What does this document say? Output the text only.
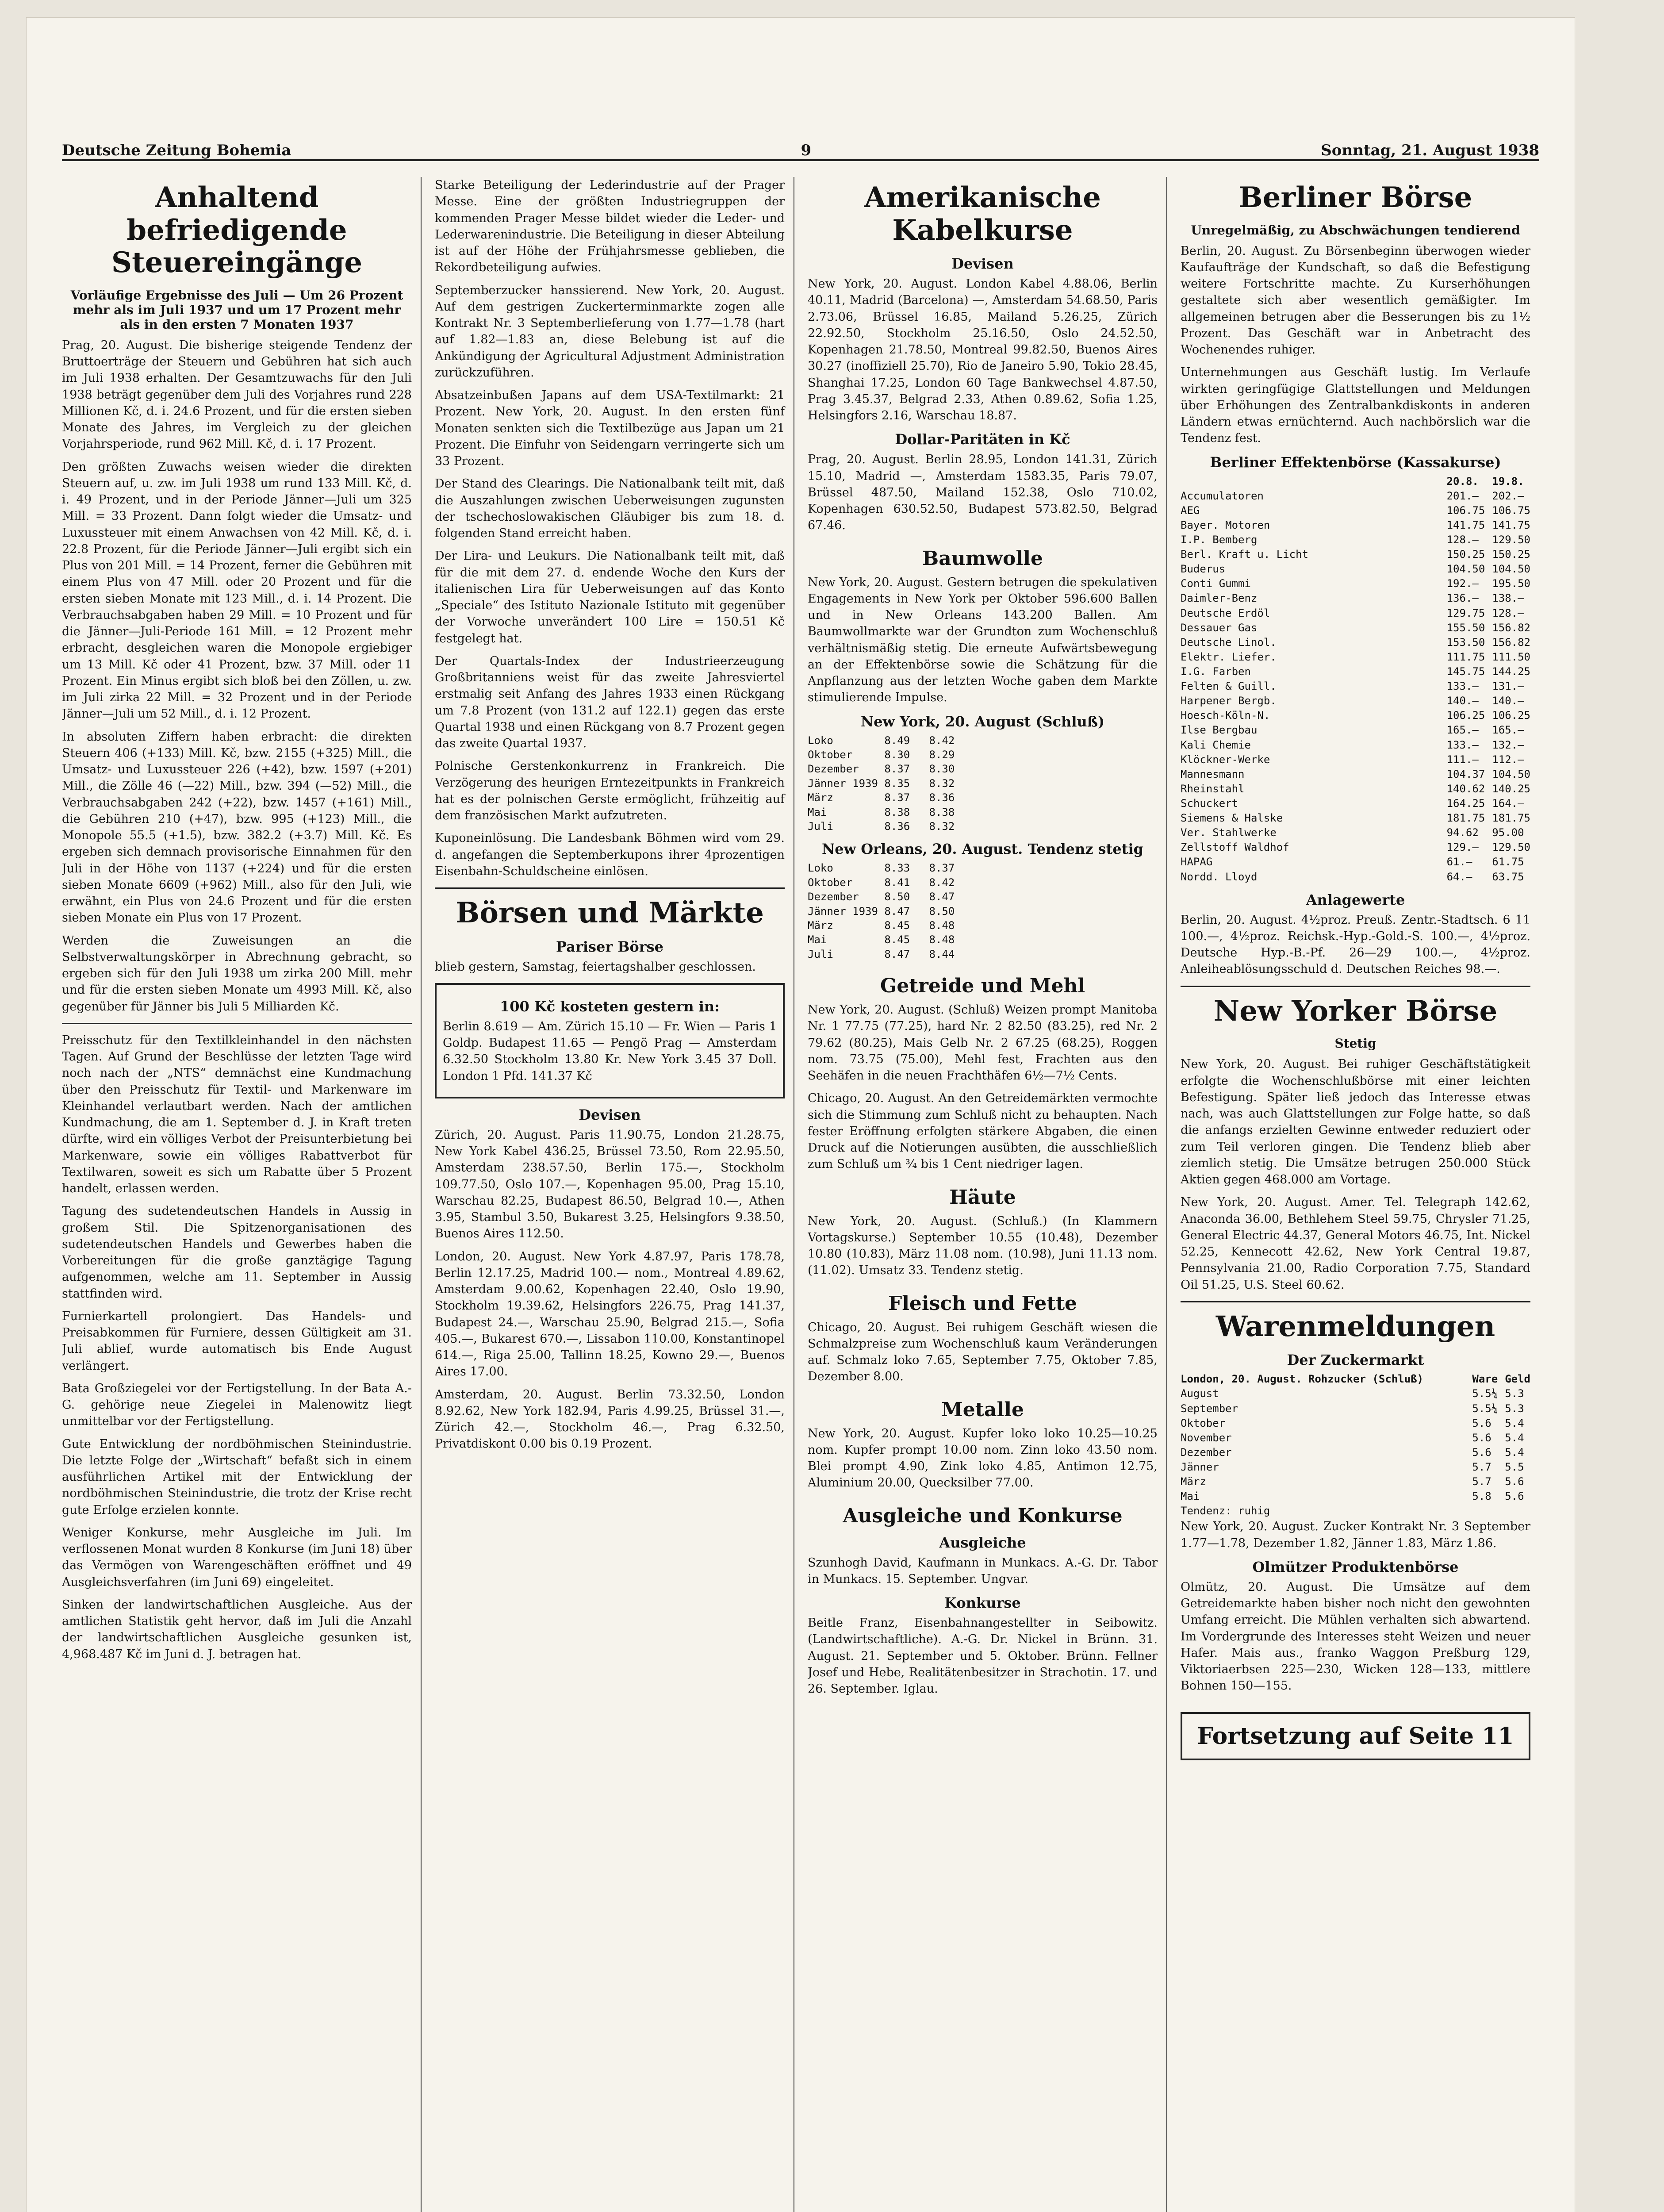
Deutsche Zeitung Bohemia	9	Sonntag, 21. August 1938
Anhaltend befriedigende Steuereingänge
Vorläufige Ergebnisse des Juli — Um 26 Prozent mehr als im Juli 1937 und um 17 Prozent mehr als in den ersten 7 Monaten 1937

Prag, 20. August. Die bisherige steigende Tendenz der Bruttoerträge der Steuern und Gebühren hat sich auch im Juli 1938 erhalten. Der Gesamtzuwachs für den Juli 1938 beträgt gegenüber dem Juli des Vorjahres rund 228 Millionen Kč, d. i. 24.6 Prozent, und für die ersten sieben Monate des Jahres, im Vergleich zu der gleichen Vorjahrsperiode, rund 962 Mill. Kč, d. i. 17 Prozent.

Den größten Zuwachs weisen wieder die direkten Steuern auf, u. zw. im Juli 1938 um rund 133 Mill. Kč, d. i. 49 Prozent, und in der Periode Jänner—Juli um 325 Mill. = 33 Prozent. Dann folgt wieder die Umsatz- und Luxussteuer mit einem Anwachsen von 42 Mill. Kč, d. i. 22.8 Prozent, für die Periode Jänner—Juli ergibt sich ein Plus von 201 Mill. = 14 Prozent, ferner die Gebühren mit einem Plus von 47 Mill. oder 20 Prozent und für die ersten sieben Monate mit 123 Mill., d. i. 14 Prozent. Die Verbrauchsabgaben haben 29 Mill. = 10 Prozent und für die Jänner—Juli-Periode 161 Mill. = 12 Prozent mehr erbracht, desgleichen waren die Monopole ergiebiger um 13 Mill. Kč oder 41 Prozent, bzw. 37 Mill. oder 11 Prozent. Ein Minus ergibt sich bloß bei den Zöllen, u. zw. im Juli zirka 22 Mill. = 32 Prozent und in der Periode Jänner—Juli um 52 Mill., d. i. 12 Prozent.

In absoluten Ziffern haben erbracht: die direkten Steuern 406 (+133) Mill. Kč, bzw. 2155 (+325) Mill., die Umsatz- und Luxussteuer 226 (+42), bzw. 1597 (+201) Mill., die Zölle 46 (—22) Mill., bzw. 394 (—52) Mill., die Verbrauchsabgaben 242 (+22), bzw. 1457 (+161) Mill., die Gebühren 210 (+47), bzw. 995 (+123) Mill., die Monopole 55.5 (+1.5), bzw. 382.2 (+3.7) Mill. Kč. Es ergeben sich demnach provisorische Einnahmen für den Juli in der Höhe von 1137 (+224) und für die ersten sieben Monate 6609 (+962) Mill., also für den Juli, wie erwähnt, ein Plus von 24.6 Prozent und für die ersten sieben Monate ein Plus von 17 Prozent.

Werden die Zuweisungen an die Selbstverwaltungskörper in Abrechnung gebracht, so ergeben sich für den Juli 1938 um zirka 200 Mill. mehr und für die ersten sieben Monate um 4993 Mill. Kč, also gegenüber für Jänner bis Juli 5 Milliarden Kč.

Preisschutz für den Textilkleinhandel in den nächsten Tagen. Auf Grund der Beschlüsse der letzten Tage wird noch nach der „NTS“ demnächst eine Kundmachung über den Preisschutz für Textil- und Markenware im Kleinhandel verlautbart werden. Nach der amtlichen Kundmachung, die am 1. September d. J. in Kraft treten dürfte, wird ein völliges Verbot der Preisunterbietung bei Markenware, sowie ein völliges Rabattverbot für Textilwaren, soweit es sich um Rabatte über 5 Prozent handelt, erlassen werden.

Tagung des sudetendeutschen Handels in Aussig in großem Stil. Die Spitzenorganisationen des sudetendeutschen Handels und Gewerbes haben die Vorbereitungen für die große ganztägige Tagung aufgenommen, welche am 11. September in Aussig stattfinden wird.

Furnierkartell prolongiert. Das Handels- und Preisabkommen für Furniere, dessen Gültigkeit am 31. Juli ablief, wurde automatisch bis Ende August verlängert.

Bata Großziegelei vor der Fertigstellung. In der Bata A.-G. gehörige neue Ziegelei in Malenowitz liegt unmittelbar vor der Fertigstellung.

Gute Entwicklung der nordböhmischen Steinindustrie. Die letzte Folge der „Wirtschaft“ befaßt sich in einem ausführlichen Artikel mit der Entwicklung der nordböhmischen Steinindustrie, die trotz der Krise recht gute Erfolge erzielen konnte.

Weniger Konkurse, mehr Ausgleiche im Juli. Im verflossenen Monat wurden 8 Konkurse (im Juni 18) über das Vermögen von Warengeschäften eröffnet und 49 Ausgleichsverfahren (im Juni 69) eingeleitet.

Sinken der landwirtschaftlichen Ausgleiche. Aus der amtlichen Statistik geht hervor, daß im Juli die Anzahl der landwirtschaftlichen Ausgleiche gesunken ist, 4,968.487 Kč im Juni d. J. betragen hat.

Starke Beteiligung der Lederindustrie auf der Prager Messe. Eine der größten Industriegruppen der kommenden Prager Messe bildet wieder die Leder- und Lederwarenindustrie. Die Beteiligung in dieser Abteilung ist auf der Höhe der Frühjahrsmesse geblieben, die Rekordbeteiligung aufwies.

Septemberzucker hanssierend. New York, 20. August. Auf dem gestrigen Zuckerterminmarkte zogen alle Kontrakt Nr. 3 Septemberlieferung von 1.77—1.78 (hart auf 1.82—1.83 an, diese Belebung ist auf die Ankündigung der Agricultural Adjustment Administration zurückzuführen.

Absatzeinbußen Japans auf dem USA-Textilmarkt: 21 Prozent. New York, 20. August. In den ersten fünf Monaten senkten sich die Textilbezüge aus Japan um 21 Prozent. Die Einfuhr von Seidengarn verringerte sich um 33 Prozent.

Der Stand des Clearings. Die Nationalbank teilt mit, daß die Auszahlungen zwischen Ueberweisungen zugunsten der tschechoslowakischen Gläubiger bis zum 18. d. folgenden Stand erreicht haben.

Der Lira- und Leukurs. Die Nationalbank teilt mit, daß für die mit dem 27. d. endende Woche den Kurs der italienischen Lira für Ueberweisungen auf das Konto „Speciale“ des Istituto Nazionale Istituto mit gegenüber der Vorwoche unverändert 100 Lire = 150.51 Kč festgelegt hat.

Der Quartals-Index der Industrieerzeugung Großbritanniens weist für das zweite Jahresviertel erstmalig seit Anfang des Jahres 1933 einen Rückgang um 7.8 Prozent (von 131.2 auf 122.1) gegen das erste Quartal 1938 und einen Rückgang von 8.7 Prozent gegen das zweite Quartal 1937.

Polnische Gerstenkonkurrenz in Frankreich. Die Verzögerung des heurigen Erntezeitpunkts in Frankreich hat es der polnischen Gerste ermöglicht, frühzeitig auf dem französischen Markt aufzutreten.

Kuponeinlösung. Die Landesbank Böhmen wird vom 29. d. angefangen die Septemberkupons ihrer 4prozentigen Eisenbahn-Schuldscheine einlösen.

Börsen und Märkte
Pariser Börse

blieb gestern, Samstag, feiertagshalber geschlossen.

100 Kč kosteten gestern in:

Berlin 8.619 — Am. Zürich 15.10 — Fr. Wien — Paris 1 Goldp. Budapest 11.65 — Pengö Prag — Amsterdam 6.32.50 Stockholm 13.80 Kr. New York 3.45 37 Doll. London 1 Pfd. 141.37 Kč

Devisen

Zürich, 20. August. Paris 11.90.75, London 21.28.75, New York Kabel 436.25, Brüssel 73.50, Rom 22.95.50, Amsterdam 238.57.50, Berlin 175.—, Stockholm 109.77.50, Oslo 107.—, Kopenhagen 95.00, Prag 15.10, Warschau 82.25, Budapest 86.50, Belgrad 10.—, Athen 3.95, Stambul 3.50, Bukarest 3.25, Helsingfors 9.38.50, Buenos Aires 112.50.

London, 20. August. New York 4.87.97, Paris 178.78, Berlin 12.17.25, Madrid 100.— nom., Montreal 4.89.62, Amsterdam 9.00.62, Kopenhagen 22.40, Oslo 19.90, Stockholm 19.39.62, Helsingfors 226.75, Prag 141.37, Budapest 24.—, Warschau 25.90, Belgrad 215.—, Sofia 405.—, Bukarest 670.—, Lissabon 110.00, Konstantinopel 614.—, Riga 25.00, Tallinn 18.25, Kowno 29.—, Buenos Aires 17.00.

Amsterdam, 20. August. Berlin 73.32.50, London 8.92.62, New York 182.94, Paris 4.99.25, Brüssel 31.—, Zürich 42.—, Stockholm 46.—, Prag 6.32.50, Privatdiskont 0.00 bis 0.19 Prozent.

Amerikanische Kabelkurse
Devisen

New York, 20. August. London Kabel 4.88.06, Berlin 40.11, Madrid (Barcelona) —, Amsterdam 54.68.50, Paris 2.73.06, Brüssel 16.85, Mailand 5.26.25, Zürich 22.92.50, Stockholm 25.16.50, Oslo 24.52.50, Kopenhagen 21.78.50, Montreal 99.82.50, Buenos Aires 30.27 (inoffiziell 25.70), Rio de Janeiro 5.90, Tokio 28.45, Shanghai 17.25, London 60 Tage Bankwechsel 4.87.50, Prag 3.45.37, Belgrad 2.33, Athen 0.89.62, Sofia 1.25, Helsingfors 2.16, Warschau 18.87.

Dollar-Paritäten in Kč

Prag, 20. August. Berlin 28.95, London 141.31, Zürich 15.10, Madrid —, Amsterdam 1583.35, Paris 79.07, Brüssel 487.50, Mailand 152.38, Oslo 710.02, Kopenhagen 630.52.50, Budapest 573.82.50, Belgrad 67.46.

Baumwolle

New York, 20. August. Gestern betrugen die spekulativen Engagements in New York per Oktober 596.600 Ballen und in New Orleans 143.200 Ballen. Am Baumwollmarkte war der Grundton zum Wochenschluß verhältnismäßig stetig. Die erneute Aufwärtsbewegung an der Effektenbörse sowie die Schätzung für die Anpflanzung aus der letzten Woche gaben dem Markte stimulierende Impulse.

New York, 20. August (Schluß)
Loko        8.49   8.42
Oktober     8.30   8.29
Dezember    8.37   8.30
Jänner 1939 8.35   8.32
März        8.37   8.36
Mai         8.38   8.38
Juli        8.36   8.32
New Orleans, 20. August. Tendenz stetig
Loko        8.33   8.37
Oktober     8.41   8.42
Dezember    8.50   8.47
Jänner 1939 8.47   8.50
März        8.45   8.48
Mai         8.45   8.48
Juli        8.47   8.44
Getreide und Mehl

New York, 20. August. (Schluß) Weizen prompt Manitoba Nr. 1 77.75 (77.25), hard Nr. 2 82.50 (83.25), red Nr. 2 79.62 (80.25), Mais Gelb Nr. 2 67.25 (68.25), Roggen nom. 73.75 (75.00), Mehl fest, Frachten aus den Seehäfen in die neuen Frachthäfen 6½—7½ Cents.

Chicago, 20. August. An den Getreidemärkten vermochte sich die Stimmung zum Schluß nicht zu behaupten. Nach fester Eröffnung erfolgten stärkere Abgaben, die einen Druck auf die Notierungen ausübten, die ausschließlich zum Schluß um ¾ bis 1 Cent niedriger lagen.

Häute

New York, 20. August. (Schluß.) (In Klammern Vortagskurse.) September 10.55 (10.48), Dezember 10.80 (10.83), März 11.08 nom. (10.98), Juni 11.13 nom. (11.02). Umsatz 33. Tendenz stetig.

Fleisch und Fette

Chicago, 20. August. Bei ruhigem Geschäft wiesen die Schmalzpreise zum Wochenschluß kaum Veränderungen auf. Schmalz loko 7.65, September 7.75, Oktober 7.85, Dezember 8.00.

Metalle

New York, 20. August. Kupfer loko loko 10.25—10.25 nom. Kupfer prompt 10.00 nom. Zinn loko 43.50 nom. Blei prompt 4.90, Zink loko 4.85, Antimon 12.75, Aluminium 20.00, Quecksilber 77.00.

Ausgleiche und Konkurse
Ausgleiche

Szunhogh David, Kaufmann in Munkacs. A.-G. Dr. Tabor in Munkacs. 15. September. Ungvar.

Konkurse

Beitle Franz, Eisenbahnangestellter in Seibowitz. (Landwirtschaftliche). A.-G. Dr. Nickel in Brünn. 31. August. 21. September und 5. Oktober. Brünn. Fellner Josef und Hebe, Realitätenbesitzer in Strachotin. 17. und 26. September. Iglau.

Berliner Börse
Unregelmäßig, zu Abschwächungen tendierend

Berlin, 20. August. Zu Börsenbeginn überwogen wieder Kaufaufträge der Kundschaft, so daß die Befestigung weitere Fortschritte machte. Zu Kurserhöhungen gestaltete sich aber wesentlich gemäßigter. Im allgemeinen betrugen aber die Besserungen bis zu 1½ Prozent. Das Geschäft war in Anbetracht des Wochenendes ruhiger.

Unternehmungen aus Geschäft lustig. Im Verlaufe wirkten geringfügige Glattstellungen und Meldungen über Erhöhungen des Zentralbankdiskonts in anderen Ländern etwas ernüchternd. Auch nachbörslich war die Tendenz fest.

Berliner Effektenbörse (Kassakurse)
20.8.	19.8.
Accumulatoren	201.—	202.—
AEG	106.75 106.75
Bayer. Motoren	141.75 141.75
I.P. Bemberg	128.—	129.50
Berl. Kraft u. Licht	150.25 150.25
Buderus	104.50 104.50
Conti Gummi	192.—	195.50
Daimler-Benz	136.—	138.—
Deutsche Erdöl	129.75 128.—
Dessauer Gas	155.50 156.82
Deutsche Linol.	153.50 156.82
Elektr. Liefer.	111.75 111.50
I.G. Farben	145.75 144.25
Felten & Guill.	133.—	131.—
Harpener Bergb.	140.—	140.—
Hoesch-Köln-N.	106.25 106.25
Ilse Bergbau	165.—	165.—
Kali Chemie	133.—	132.—
Klöckner-Werke	111.—	112.—
Mannesmann	104.37 104.50
Rheinstahl	140.62 140.25
Schuckert	164.25 164.—
Siemens & Halske	181.75 181.75
Ver. Stahlwerke	94.62	95.00
Zellstoff Waldhof	129.—	129.50
HAPAG	61.—	61.75
Nordd. Lloyd	64.—	63.75
Anlagewerte

Berlin, 20. August. 4½proz. Preuß. Zentr.-Stadtsch. 6 11 100.—, 4½proz. Reichsk.-Hyp.-Gold.-S. 100.—, 4½proz. Deutsche Hyp.-B.-Pf. 26—29 100.—, 4½proz. Anleiheablösungsschuld d. Deutschen Reiches 98.—.

New Yorker Börse
Stetig

New York, 20. August. Bei ruhiger Geschäftstätigkeit erfolgte die Wochenschlußbörse mit einer leichten Befestigung. Später ließ jedoch das Interesse etwas nach, was auch Glattstellungen zur Folge hatte, so daß die anfangs erzielten Gewinne entweder reduziert oder zum Teil verloren gingen. Die Tendenz blieb aber ziemlich stetig. Die Umsätze betrugen 250.000 Stück Aktien gegen 468.000 am Vortage.

New York, 20. August. Amer. Tel. Telegraph 142.62, Anaconda 36.00, Bethlehem Steel 59.75, Chrysler 71.25, General Electric 44.37, General Motors 46.75, Int. Nickel 52.25, Kennecott 42.62, New York Central 19.87, Pennsylvania 21.00, Radio Corporation 7.75, Standard Oil 51.25, U.S. Steel 60.62.

Warenmeldungen
Der Zuckermarkt
London, 20. August. Rohzucker (Schluß)	Ware Geld
August	5.5¼ 5.3
September	5.5¼ 5.3
Oktober	5.6	5.4
November	5.6	5.4
Dezember	5.6	5.4
Jänner	5.7	5.5
März	5.7	5.6
Mai	5.8	5.6
Tendenz: ruhig

New York, 20. August. Zucker Kontrakt Nr. 3 September 1.77—1.78, Dezember 1.82, Jänner 1.83, März 1.86.

Olmützer Produktenbörse

Olmütz, 20. August. Die Umsätze auf dem Getreidemarkte haben bisher noch nicht den gewohnten Umfang erreicht. Die Mühlen verhalten sich abwartend. Im Vordergrunde des Interesses steht Weizen und neuer Hafer. Mais aus., franko Waggon Preßburg 129, Viktoriaerbsen 225—230, Wicken 128—133, mittlere Bohnen 150—155.

Fortsetzung auf Seite 11
